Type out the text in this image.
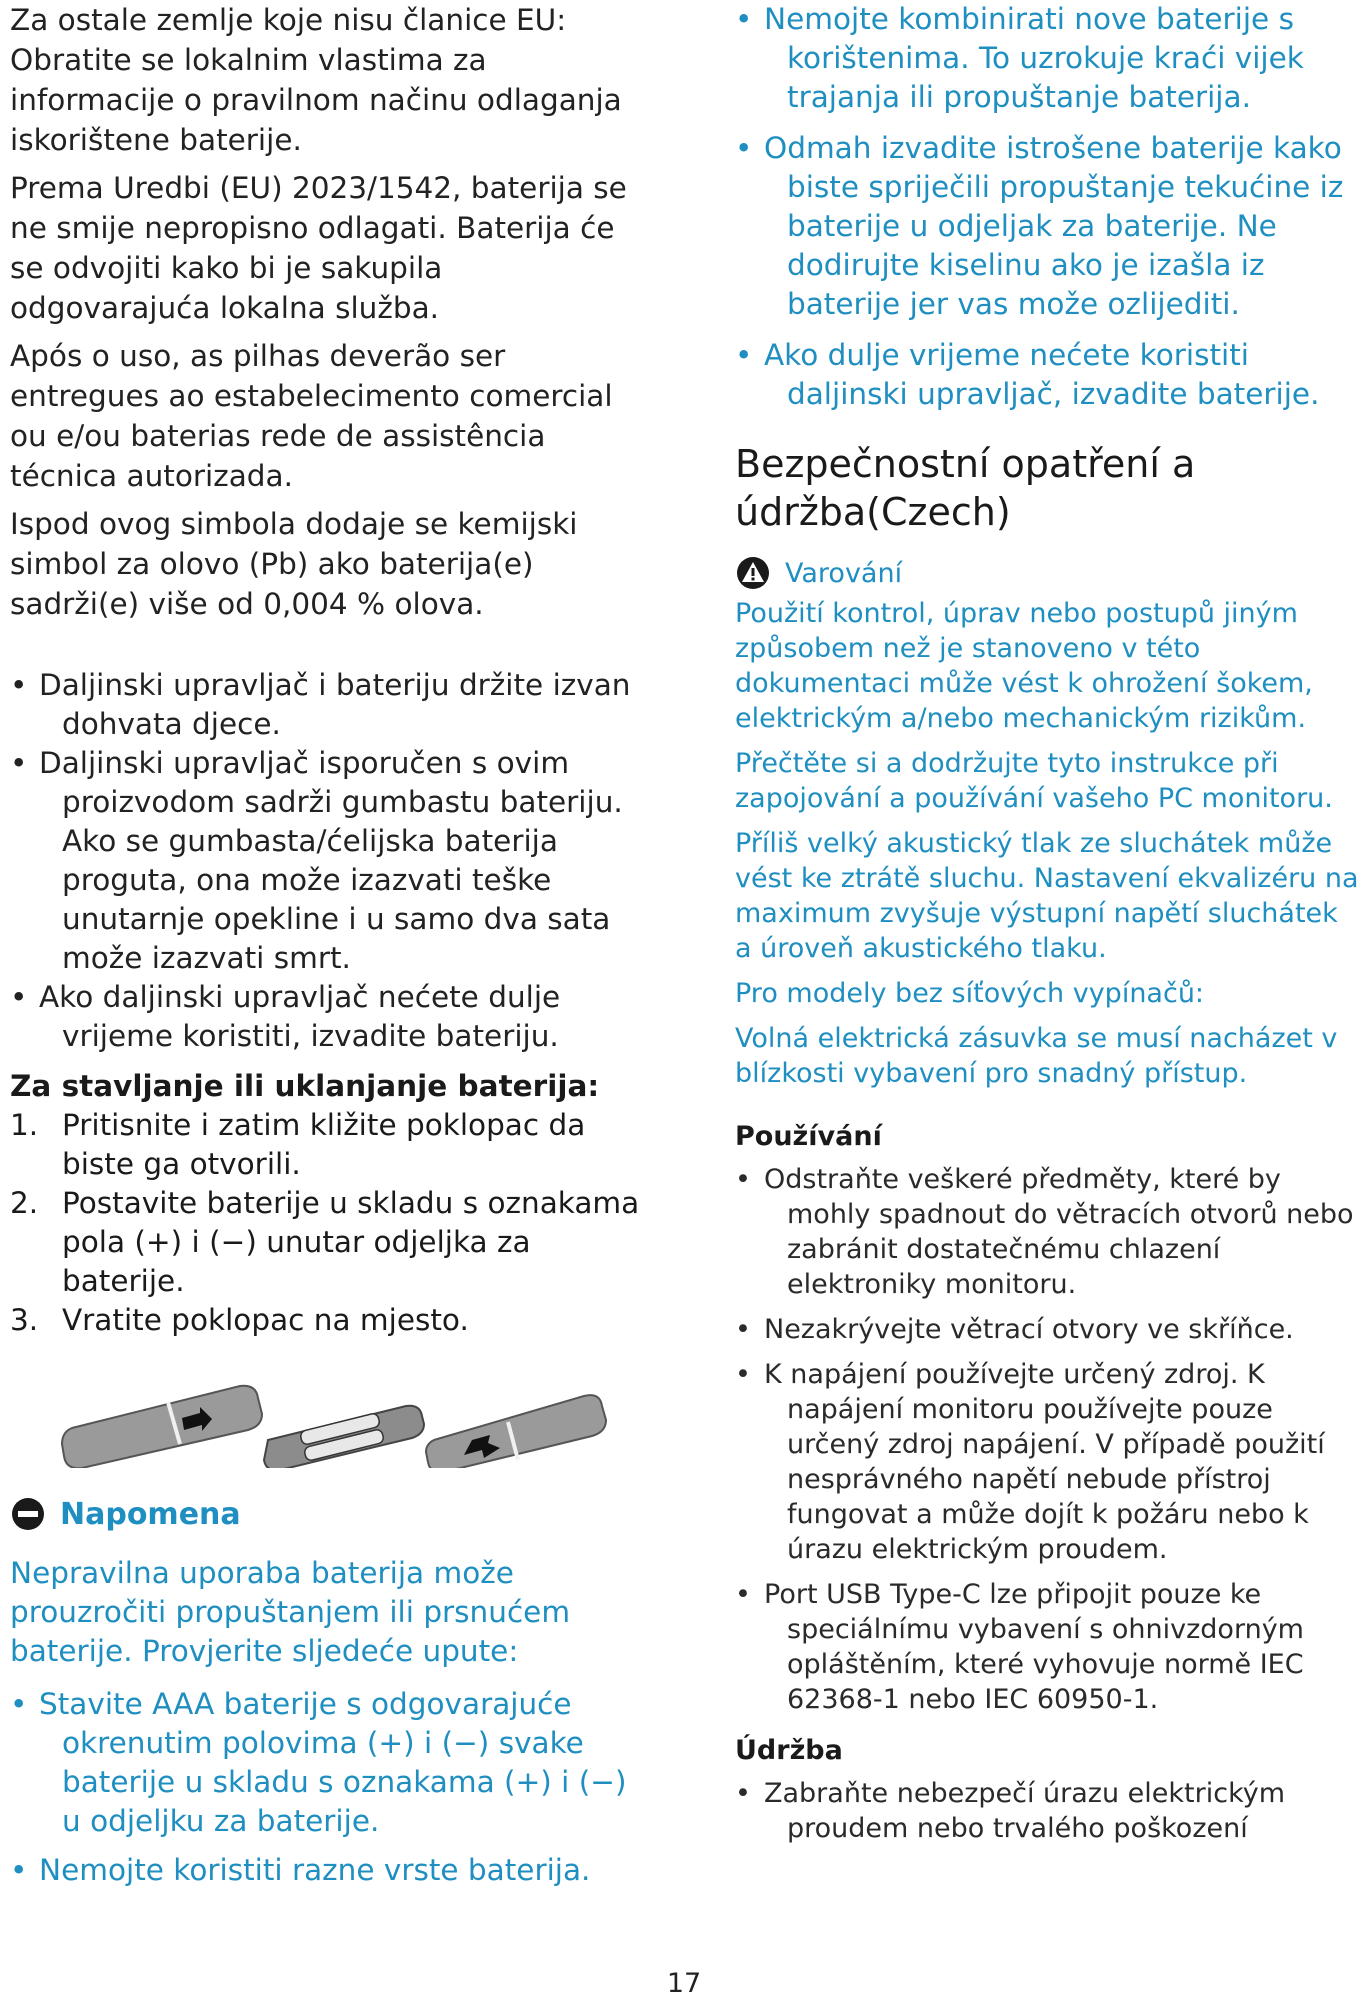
Za ostale zemlje koje nisu članice EU: Obratite se lokalnim vlastima za informacije o pravilnom načinu odlaganja iskorištene baterije.

Prema Uredbi (EU) 2023/1542, baterija se ne smije nepropisno odlagati. Baterija će se odvojiti kako bi je sakupila odgovarajuća lokalna služba.

Após o uso, as pilhas deverão ser entregues ao estabelecimento comercial ou e/ou baterias rede de assistência técnica autorizada.

Ispod ovog simbola dodaje se kemijski simbol za olovo (Pb) ako baterija(e) sadrži(e) više od 0,004 % olova.

• Daljinski upravljač i bateriju držite izvan dohvata djece.
• Daljinski upravljač isporučen s ovim proizvodom sadrži gumbastu bateriju. Ako se gumbasta/ćelijska baterija proguta, ona može izazvati teške unutarnje opekline i u samo dva sata može izazvati smrt.
• Ako daljinski upravljač nećete dulje vrijeme koristiti, izvadite bateriju.

Za stavljanje ili uklanjanje baterija:

1. Pritisnite i zatim kližite poklopac da biste ga otvorili.
2. Postavite baterije u skladu s oznakama pola (+) i (−) unutar odjeljka za baterije.
3. Vratite poklopac na mjesto.
Napomena

Nepravilna uporaba baterija može prouzročiti propuštanjem ili prsnućem baterije. Provjerite sljedeće upute:

• Stavite AAA baterije s odgovarajuće okrenutim polovima (+) i (−) svake baterije u skladu s oznakama (+) i (−) u odjeljku za baterije.
• Nemojte koristiti razne vrste baterija.
• Nemojte kombinirati nove baterije s korištenima. To uzrokuje kraći vijek trajanja ili propuštanje baterija.
• Odmah izvadite istrošene baterije kako biste spriječili propuštanje tekućine iz baterije u odjeljak za baterije. Ne dodirujte kiselinu ako je izašla iz baterije jer vas može ozlijediti.
• Ako dulje vrijeme nećete koristiti daljinski upravljač, izvadite baterije.
Bezpečnostní opatření a údržba(Czech)
Varování

Použití kontrol, úprav nebo postupů jiným způsobem než je stanoveno v této dokumentaci může vést k ohrožení šokem, elektrickým a/nebo mechanickým rizikům.

Přečtěte si a dodržujte tyto instrukce při zapojování a používání vašeho PC monitoru.

Příliš velký akustický tlak ze sluchátek může vést ke ztrátě sluchu. Nastavení ekvalizéru na maximum zvyšuje výstupní napětí sluchátek a úroveň akustického tlaku.

Pro modely bez síťových vypínačů:

Volná elektrická zásuvka se musí nacházet v blízkosti vybavení pro snadný přístup.

Používání

• Odstraňte veškeré předměty, které by mohly spadnout do větracích otvorů nebo zabránit dostatečnému chlazení elektroniky monitoru.
• Nezakrývejte větrací otvory ve skříňce.
• K napájení používejte určený zdroj. K napájení monitoru používejte pouze určený zdroj napájení. V případě použití nesprávného napětí nebude přístroj fungovat a může dojít k požáru nebo k úrazu elektrickým proudem.
• Port USB Type-C lze připojit pouze ke speciálnímu vybavení s ohnivzdorným opláštěním, které vyhovuje normě IEC 62368-1 nebo IEC 60950-1.

Údržba

• Zabraňte nebezpečí úrazu elektrickým proudem nebo trvalého poškození
17
